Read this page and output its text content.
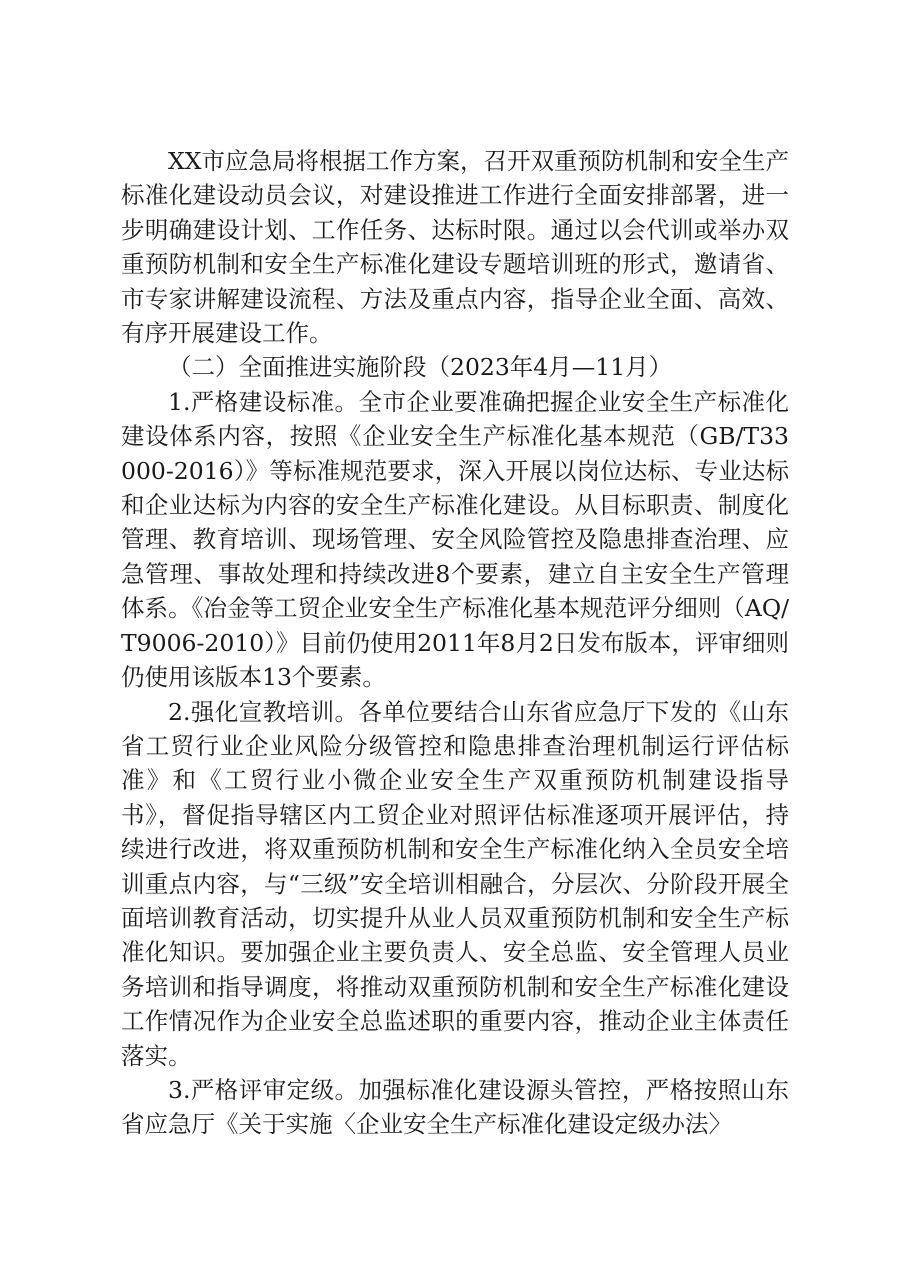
XX市应急局将根据工作方案，召开双重预防机制和安全生产标准化建设动员会议，对建设推进工作进行全面安排部署，进一步明确建设计划、工作任务、达标时限。通过以会代训或举办双重预防机制和安全生产标准化建设专题培训班的形式，邀请省、市专家讲解建设流程、方法及重点内容，指导企业全面、高效、有序开展建设工作。

（二）全面推进实施阶段（2023年4月—11月）

1.严格建设标准。全市企业要准确把握企业安全生产标准化建设体系内容，按照《企业安全生产标准化基本规范（GB/T33000-2016）》等标准规范要求，深入开展以岗位达标、专业达标和企业达标为内容的安全生产标准化建设。从目标职责、制度化管理、教育培训、现场管理、安全风险管控及隐患排查治理、应急管理、事故处理和持续改进8个要素，建立自主安全生产管理体系。《冶金等工贸企业安全生产标准化基本规范评分细则（AQ/T9006-2010）》目前仍使用2011年8月2日发布版本，评审细则仍使用该版本13个要素。

2.强化宣教培训。各单位要结合山东省应急厅下发的《山东省工贸行业企业风险分级管控和隐患排查治理机制运行评估标准》和《工贸行业小微企业安全生产双重预防机制建设指导书》，督促指导辖区内工贸企业对照评估标准逐项开展评估，持续进行改进，将双重预防机制和安全生产标准化纳入全员安全培训重点内容，与“三级”安全培训相融合，分层次、分阶段开展全面培训教育活动，切实提升从业人员双重预防机制和安全生产标准化知识。要加强企业主要负责人、安全总监、安全管理人员业务培训和指导调度，将推动双重预防机制和安全生产标准化建设工作情况作为企业安全总监述职的重要内容，推动企业主体责任落实。

3.严格评审定级。加强标准化建设源头管控，严格按照山东省应急厅《关于实施〈企业安全生产标准化建设定级办法〉
